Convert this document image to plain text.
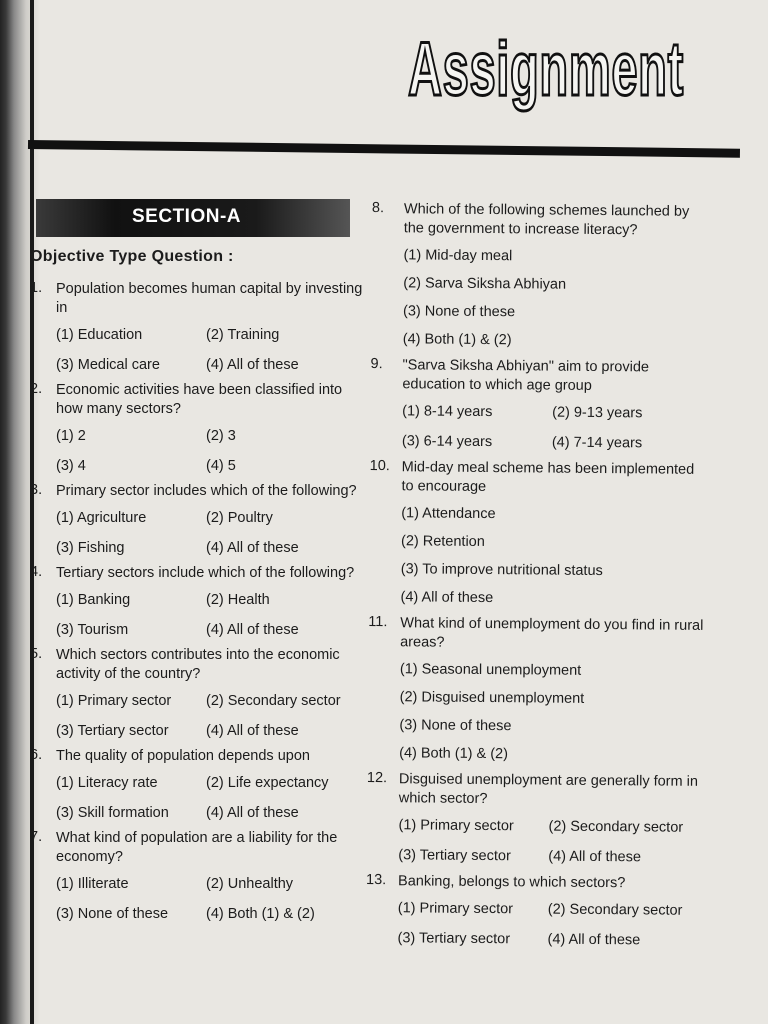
Assignment
SECTION-A
Objective Type Question :
1. Population becomes human capital by investing in
(1) Education	(2) Training
(3) Medical care	(4) All of these
2. Economic activities have been classified into how many sectors?
(1) 2	(2) 3
(3) 4	(4) 5
3. Primary sector includes which of the following?
(1) Agriculture	(2) Poultry
(3) Fishing	(4) All of these
4. Tertiary sectors include which of the following?
(1) Banking	(2) Health
(3) Tourism	(4) All of these
5. Which sectors contributes into the economic activity of the country?
(1) Primary sector	(2) Secondary sector
(3) Tertiary sector	(4) All of these
6. The quality of population depends upon
(1) Literacy rate	(2) Life expectancy
(3) Skill formation	(4) All of these
7. What kind of population are a liability for the economy?
(1) Illiterate	(2) Unhealthy
(3) None of these	(4) Both (1) & (2)
8. Which of the following schemes launched by the government to increase literacy?
(1) Mid-day meal
(2) Sarva Siksha Abhiyan
(3) None of these
(4) Both (1) & (2)
9. "Sarva Siksha Abhiyan" aim to provide education to which age group
(1) 8-14 years	(2) 9-13 years
(3) 6-14 years	(4) 7-14 years
10. Mid-day meal scheme has been implemented to encourage
(1) Attendance
(2) Retention
(3) To improve nutritional status
(4) All of these
11. What kind of unemployment do you find in rural areas?
(1) Seasonal unemployment
(2) Disguised unemployment
(3) None of these
(4) Both (1) & (2)
12. Disguised unemployment are generally form in which sector?
(1) Primary sector	(2) Secondary sector
(3) Tertiary sector	(4) All of these
13. Banking, belongs to which sectors?
(1) Primary sector	(2) Secondary sector
(3) Tertiary sector	(4) All of these
